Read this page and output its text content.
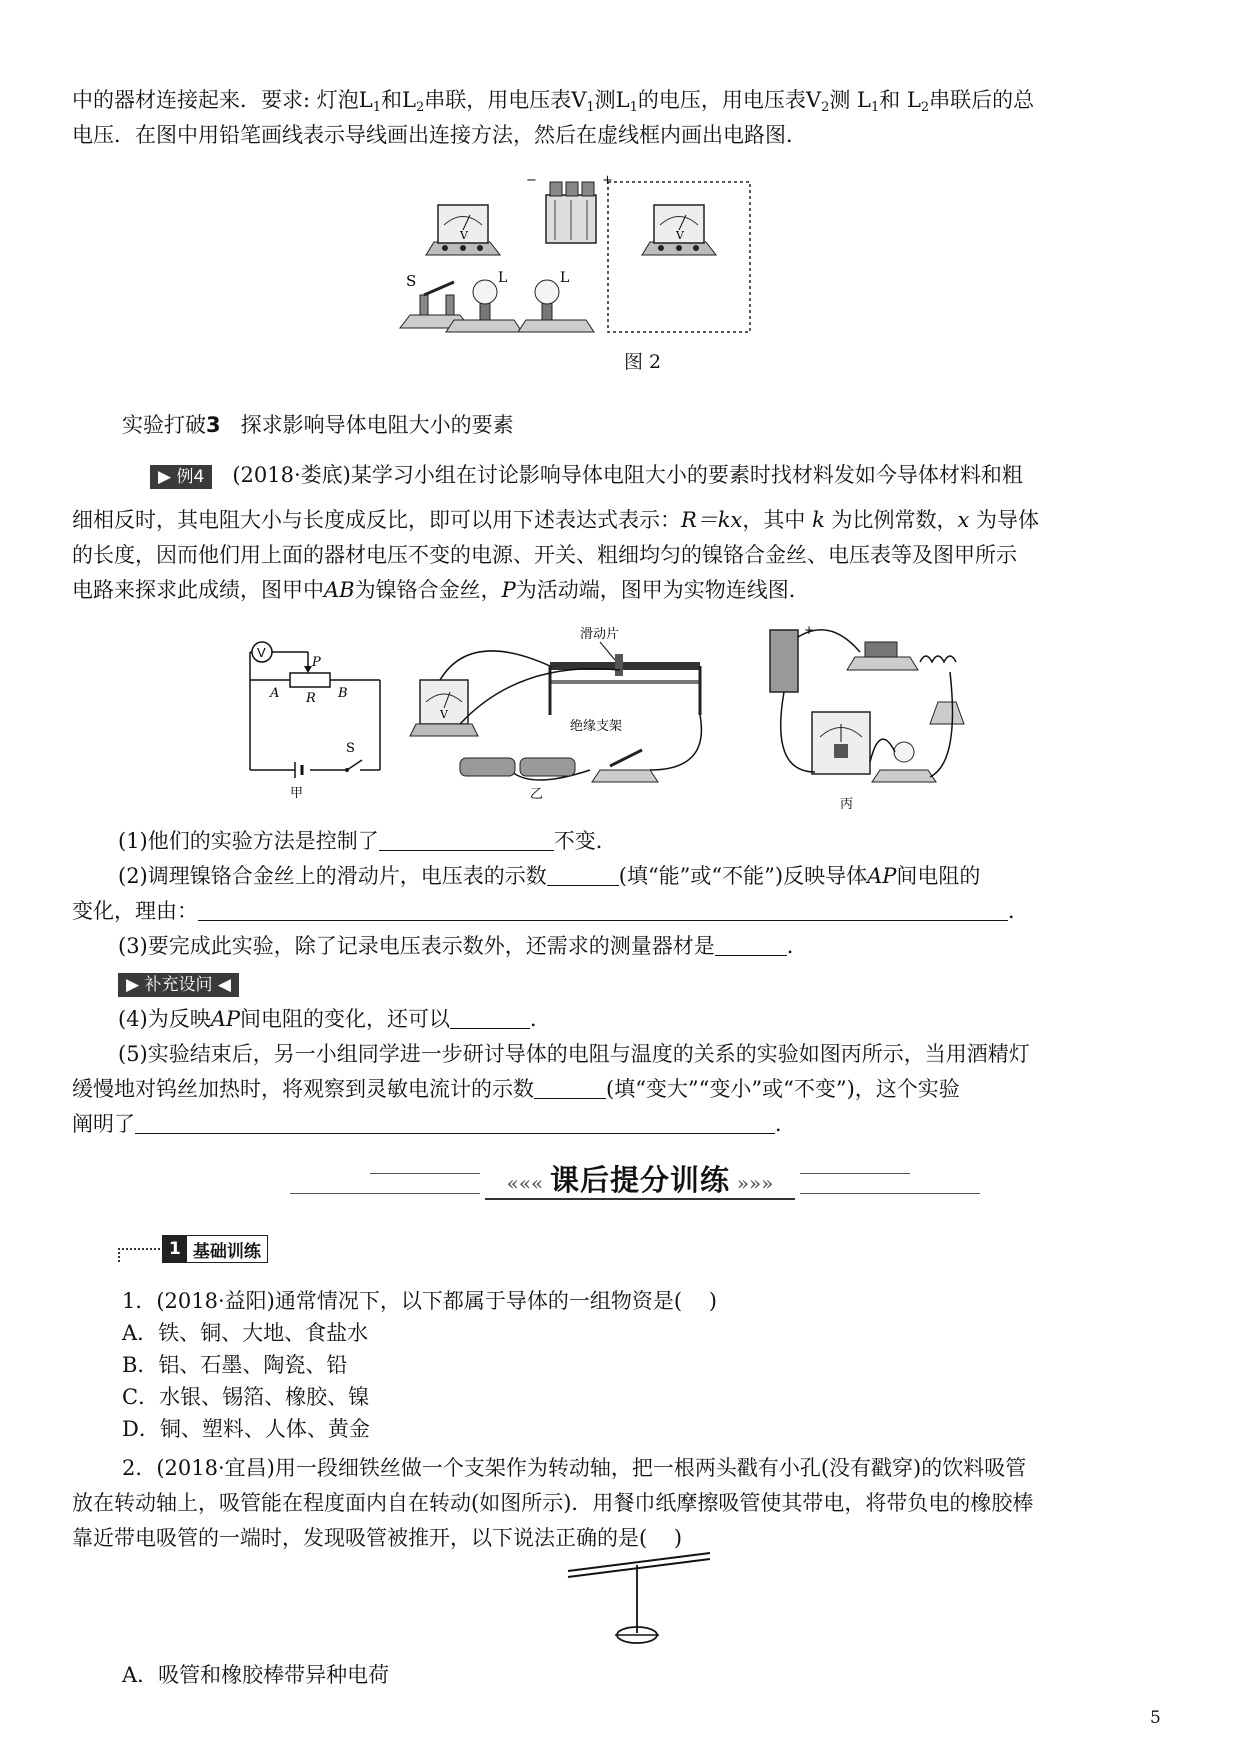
中的器材连接起来．要求: 灯泡$L_1$和$L_2$串联，用电压表$V_1$测$L_1$的电压，用电压表$V_2$测 $L_1$和 $L_2$串联后的总
电压．在图中用铅笔画线表示导线画出连接方法，然后在虚线框内画出电路图．
−	+
V	V
S	L	L
图 2
实验打破3 探求影响导体电阻大小的要素
▶ 例4 (2018·娄底)某学习小组在讨论影响导体电阻大小的要素时找材料发如今导体材料和粗
细相反时，其电阻大小与长度成反比，即可以用下述表达式表示：R＝kx，其中 k 为比例常数，x 为导体
的长度，因而他们用上面的器材电压不变的电源、开关、粗细均匀的镍铬合金丝、电压表等及图甲所示
电路来探求此成绩，图甲中AB为镍铬合金丝，P为活动端，图甲为实物连线图．
V
P
A R B
S
甲
V
滑动片
绝缘支架
乙
+
丙
(1)他们的实验方法是控制了	不变．
(2)调理镍铬合金丝上的滑动片，电压表的示数	(填“能”或“不能”)反映导体AP间电阻的
变化，理由：	．
(3)要完成此实验，除了记录电压表示数外，还需求的测量器材是	．
▶ 补充设问 ◀
(4)为反映AP间电阻的变化，还可以	．
(5)实验结束后，另一小组同学进一步研讨导体的电阻与温度的关系的实验如图丙所示，当用酒精灯
缓慢地对钨丝加热时，将观察到灵敏电流计的示数	(填“变大”“变小”或“不变”)，这个实验
阐明了	．
««« 课后提分训练 »»»
1 基础训练
1．(2018·益阳)通常情况下，以下都属于导体的一组物资是( )
A．铁、铜、大地、食盐水
B．铝、石墨、陶瓷、铅
C．水银、锡箔、橡胶、镍
D．铜、塑料、人体、黄金
2．(2018·宜昌)用一段细铁丝做一个支架作为转动轴，把一根两头戳有小孔(没有戳穿)的饮料吸管
放在转动轴上，吸管能在程度面内自在转动(如图所示)．用餐巾纸摩擦吸管使其带电，将带负电的橡胶棒
靠近带电吸管的一端时，发现吸管被推开，以下说法正确的是( )
A．吸管和橡胶棒带异种电荷
5
